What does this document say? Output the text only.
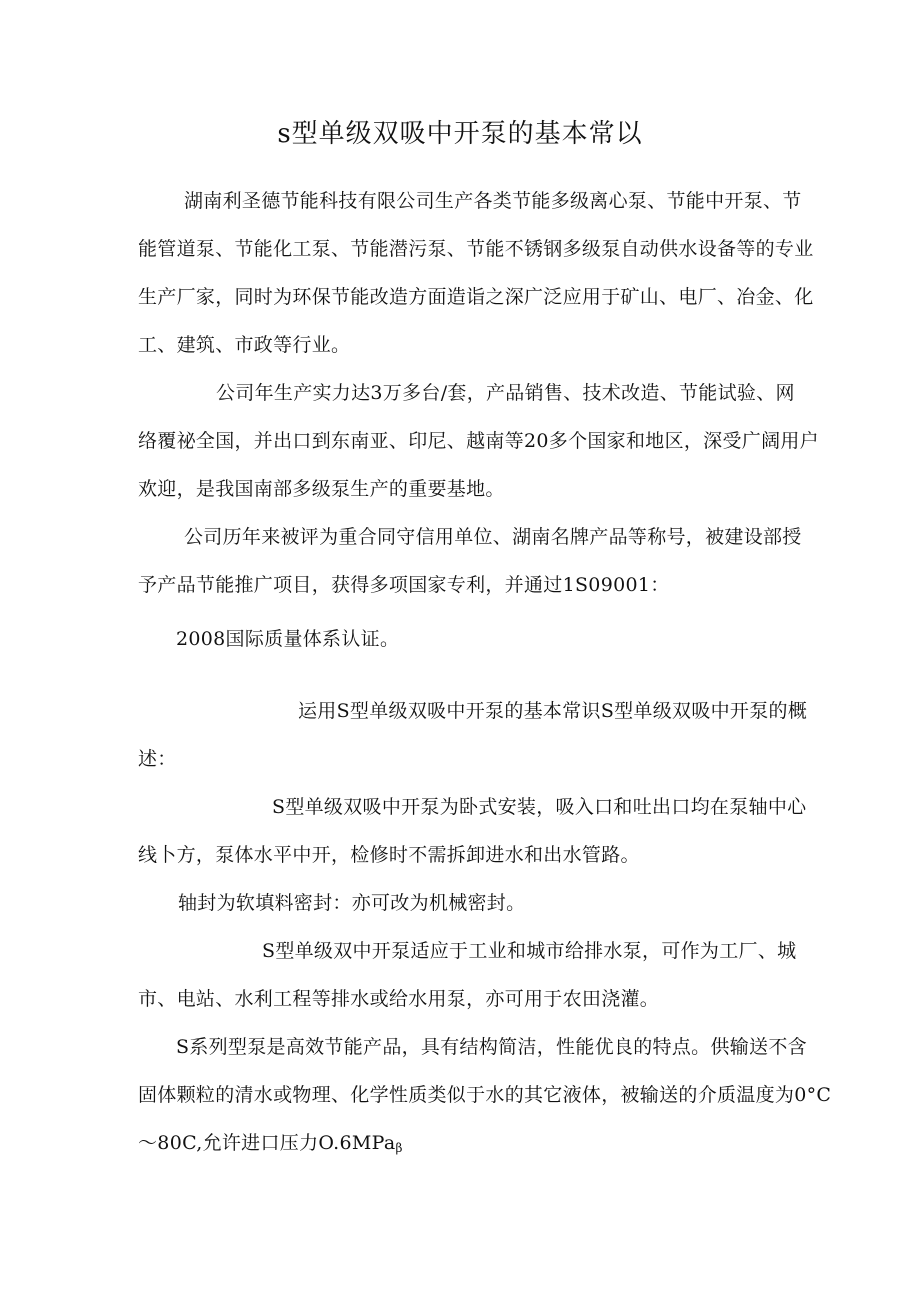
s型单级双吸中开泵的基本常以
湖南利圣德节能科技有限公司生产各类节能多级离心泵、节能中开泵、节
能管道泵、节能化工泵、节能潜污泵、节能不锈钢多级泵自动供水设备等的专业
生产厂家，同时为环保节能改造方面造诣之深广泛应用于矿山、电厂、冶金、化
工、建筑、市政等行业。
公司年生产实力达3万多台/套，产品销售、技术改造、节能试验、网
络覆祕全国，并出口到东南亚、印尼、越南等20多个国家和地区，深受广阔用户
欢迎，是我国南部多级泵生产的重要基地。
公司历年来被评为重合同守信用单位、湖南名牌产品等称号，被建设部授
予产品节能推广项目，获得多项国家专利，并通过1S09001：
2008国际质量体系认证。
运用S型单级双吸中开泵的基本常识S型单级双吸中开泵的概
述：
S型单级双吸中开泵为卧式安装，吸入口和吐出口均在泵轴中心
线卜方，泵体水平中开，检修时不需拆卸进水和出水管路。
轴封为软填料密封：亦可改为机械密封。
S型单级双中开泵适应于工业和城市给排水泵，可作为工厂、城
市、电站、水利工程等排水或给水用泵，亦可用于农田浇灌。
S系列型泵是高效节能产品，具有结构简洁，性能优良的特点。供输送不含
固体颗粒的清水或物理、化学性质类似于水的其它液体，被输送的介质温度为0°C
～80C,允许进口压力O.6MPa$_\beta$
